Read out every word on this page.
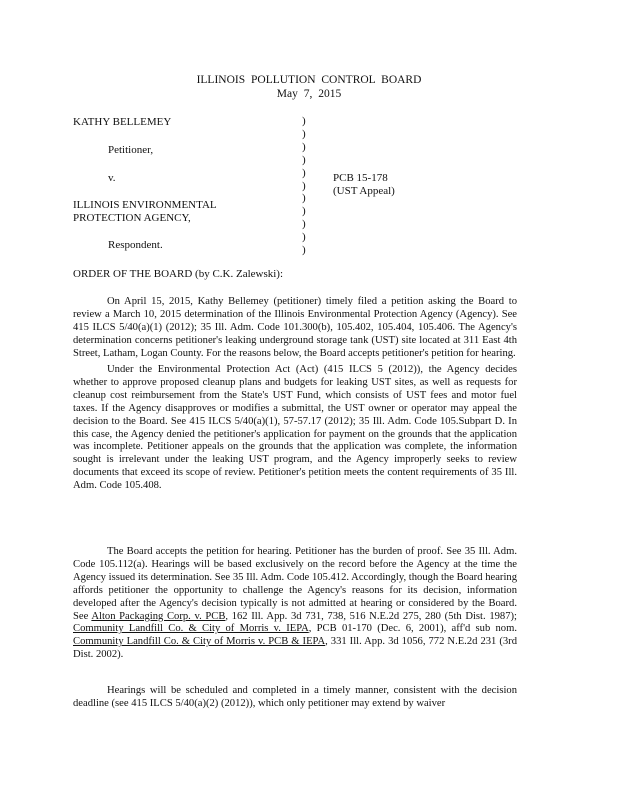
ILLINOIS POLLUTION CONTROL BOARD
May 7, 2015
KATHY BELLEMEY
Petitioner,
v.	PCB 15-178
(UST Appeal)
ILLINOIS ENVIRONMENTAL
PROTECTION AGENCY,
Respondent.
)
)
)
)
)
)
)
)
)
)
)
ORDER OF THE BOARD (by C.K. Zalewski):

On April 15, 2015, Kathy Bellemey (petitioner) timely filed a petition asking the Board to review a March 10, 2015 determination of the Illinois Environmental Protection Agency (Agency). See 415 ILCS 5/40(a)(1) (2012); 35 Ill. Adm. Code 101.300(b), 105.402, 105.404, 105.406. The Agency's determination concerns petitioner's leaking underground storage tank (UST) site located at 311 East 4th Street, Latham, Logan County. For the reasons below, the Board accepts petitioner's petition for hearing.

Under the Environmental Protection Act (Act) (415 ILCS 5 (2012)), the Agency decides whether to approve proposed cleanup plans and budgets for leaking UST sites, as well as requests for cleanup cost reimbursement from the State's UST Fund, which consists of UST fees and motor fuel taxes. If the Agency disapproves or modifies a submittal, the UST owner or operator may appeal the decision to the Board. See 415 ILCS 5/40(a)(1), 57-57.17 (2012); 35 Ill. Adm. Code 105.Subpart D. In this case, the Agency denied the petitioner's application for payment on the grounds that the application was incomplete. Petitioner appeals on the grounds that the application was complete, the information sought is irrelevant under the leaking UST program, and the Agency improperly seeks to review documents that exceed its scope of review. Petitioner's petition meets the content requirements of 35 Ill. Adm. Code 105.408.

The Board accepts the petition for hearing. Petitioner has the burden of proof. See 35 Ill. Adm. Code 105.112(a). Hearings will be based exclusively on the record before the Agency at the time the Agency issued its determination. See 35 Ill. Adm. Code 105.412. Accordingly, though the Board hearing affords petitioner the opportunity to challenge the Agency's reasons for its decision, information developed after the Agency's decision typically is not admitted at hearing or considered by the Board. See Alton Packaging Corp. v. PCB, 162 Ill. App. 3d 731, 738, 516 N.E.2d 275, 280 (5th Dist. 1987); Community Landfill Co. & City of Morris v. IEPA, PCB 01-170 (Dec. 6, 2001), aff'd sub nom. Community Landfill Co. & City of Morris v. PCB & IEPA, 331 Ill. App. 3d 1056, 772 N.E.2d 231 (3rd Dist. 2002).

Hearings will be scheduled and completed in a timely manner, consistent with the decision deadline (see 415 ILCS 5/40(a)(2) (2012)), which only petitioner may extend by waiver
